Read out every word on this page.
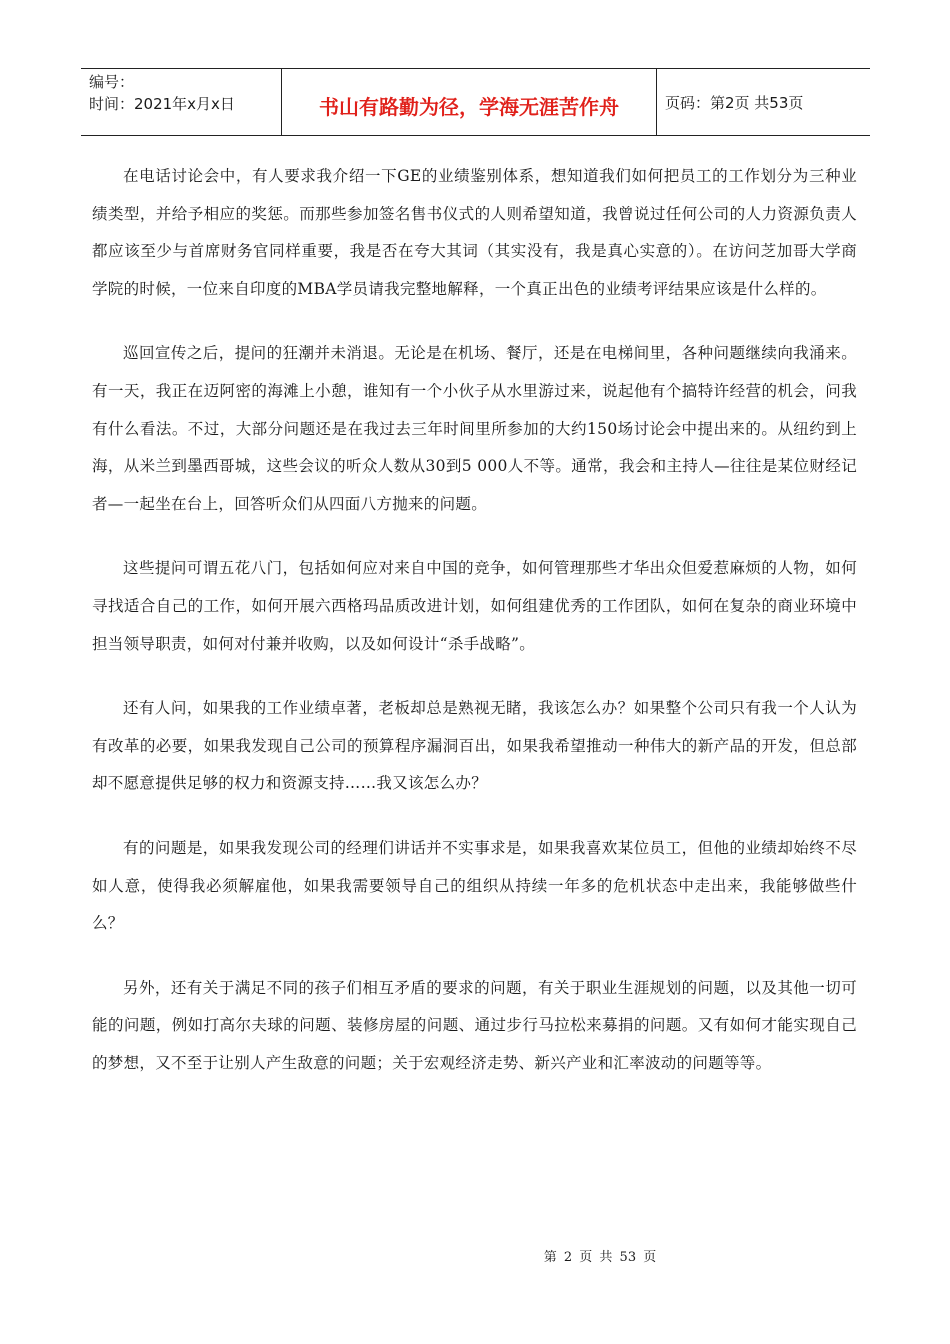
编号：
时间：2021年x月x日	书山有路勤为径，学海无涯苦作舟	页码：第2页 共53页

在电话讨论会中，有人要求我介绍一下GE的业绩鉴别体系，想知道我们如何把员工的工作划分为三种业绩类型，并给予相应的奖惩。而那些参加签名售书仪式的人则希望知道，我曾说过任何公司的人力资源负责人都应该至少与首席财务官同样重要，我是否在夸大其词（其实没有，我是真心实意的）。在访问芝加哥大学商学院的时候，一位来自印度的MBA学员请我完整地解释，一个真正出色的业绩考评结果应该是什么样的。

巡回宣传之后，提问的狂潮并未消退。无论是在机场、餐厅，还是在电梯间里，各种问题继续向我涌来。有一天，我正在迈阿密的海滩上小憩，谁知有一个小伙子从水里游过来，说起他有个搞特许经营的机会，问我有什么看法。不过，大部分问题还是在我过去三年时间里所参加的大约150场讨论会中提出来的。从纽约到上海，从米兰到墨西哥城，这些会议的听众人数从30到5 000人不等。通常，我会和主持人—往往是某位财经记者—一起坐在台上，回答听众们从四面八方抛来的问题。

这些提问可谓五花八门，包括如何应对来自中国的竞争，如何管理那些才华出众但爱惹麻烦的人物，如何寻找适合自己的工作，如何开展六西格玛品质改进计划，如何组建优秀的工作团队，如何在复杂的商业环境中担当领导职责，如何对付兼并收购，以及如何设计“杀手战略”。

还有人问，如果我的工作业绩卓著，老板却总是熟视无睹，我该怎么办？如果整个公司只有我一个人认为有改革的必要，如果我发现自己公司的预算程序漏洞百出，如果我希望推动一种伟大的新产品的开发，但总部却不愿意提供足够的权力和资源支持……我又该怎么办？

有的问题是，如果我发现公司的经理们讲话并不实事求是，如果我喜欢某位员工，但他的业绩却始终不尽如人意，使得我必须解雇他，如果我需要领导自己的组织从持续一年多的危机状态中走出来，我能够做些什么？

另外，还有关于满足不同的孩子们相互矛盾的要求的问题，有关于职业生涯规划的问题，以及其他一切可能的问题，例如打高尔夫球的问题、装修房屋的问题、通过步行马拉松来募捐的问题。又有如何才能实现自己的梦想，又不至于让别人产生敌意的问题；关于宏观经济走势、新兴产业和汇率波动的问题等等。

第 2 页 共 53 页
